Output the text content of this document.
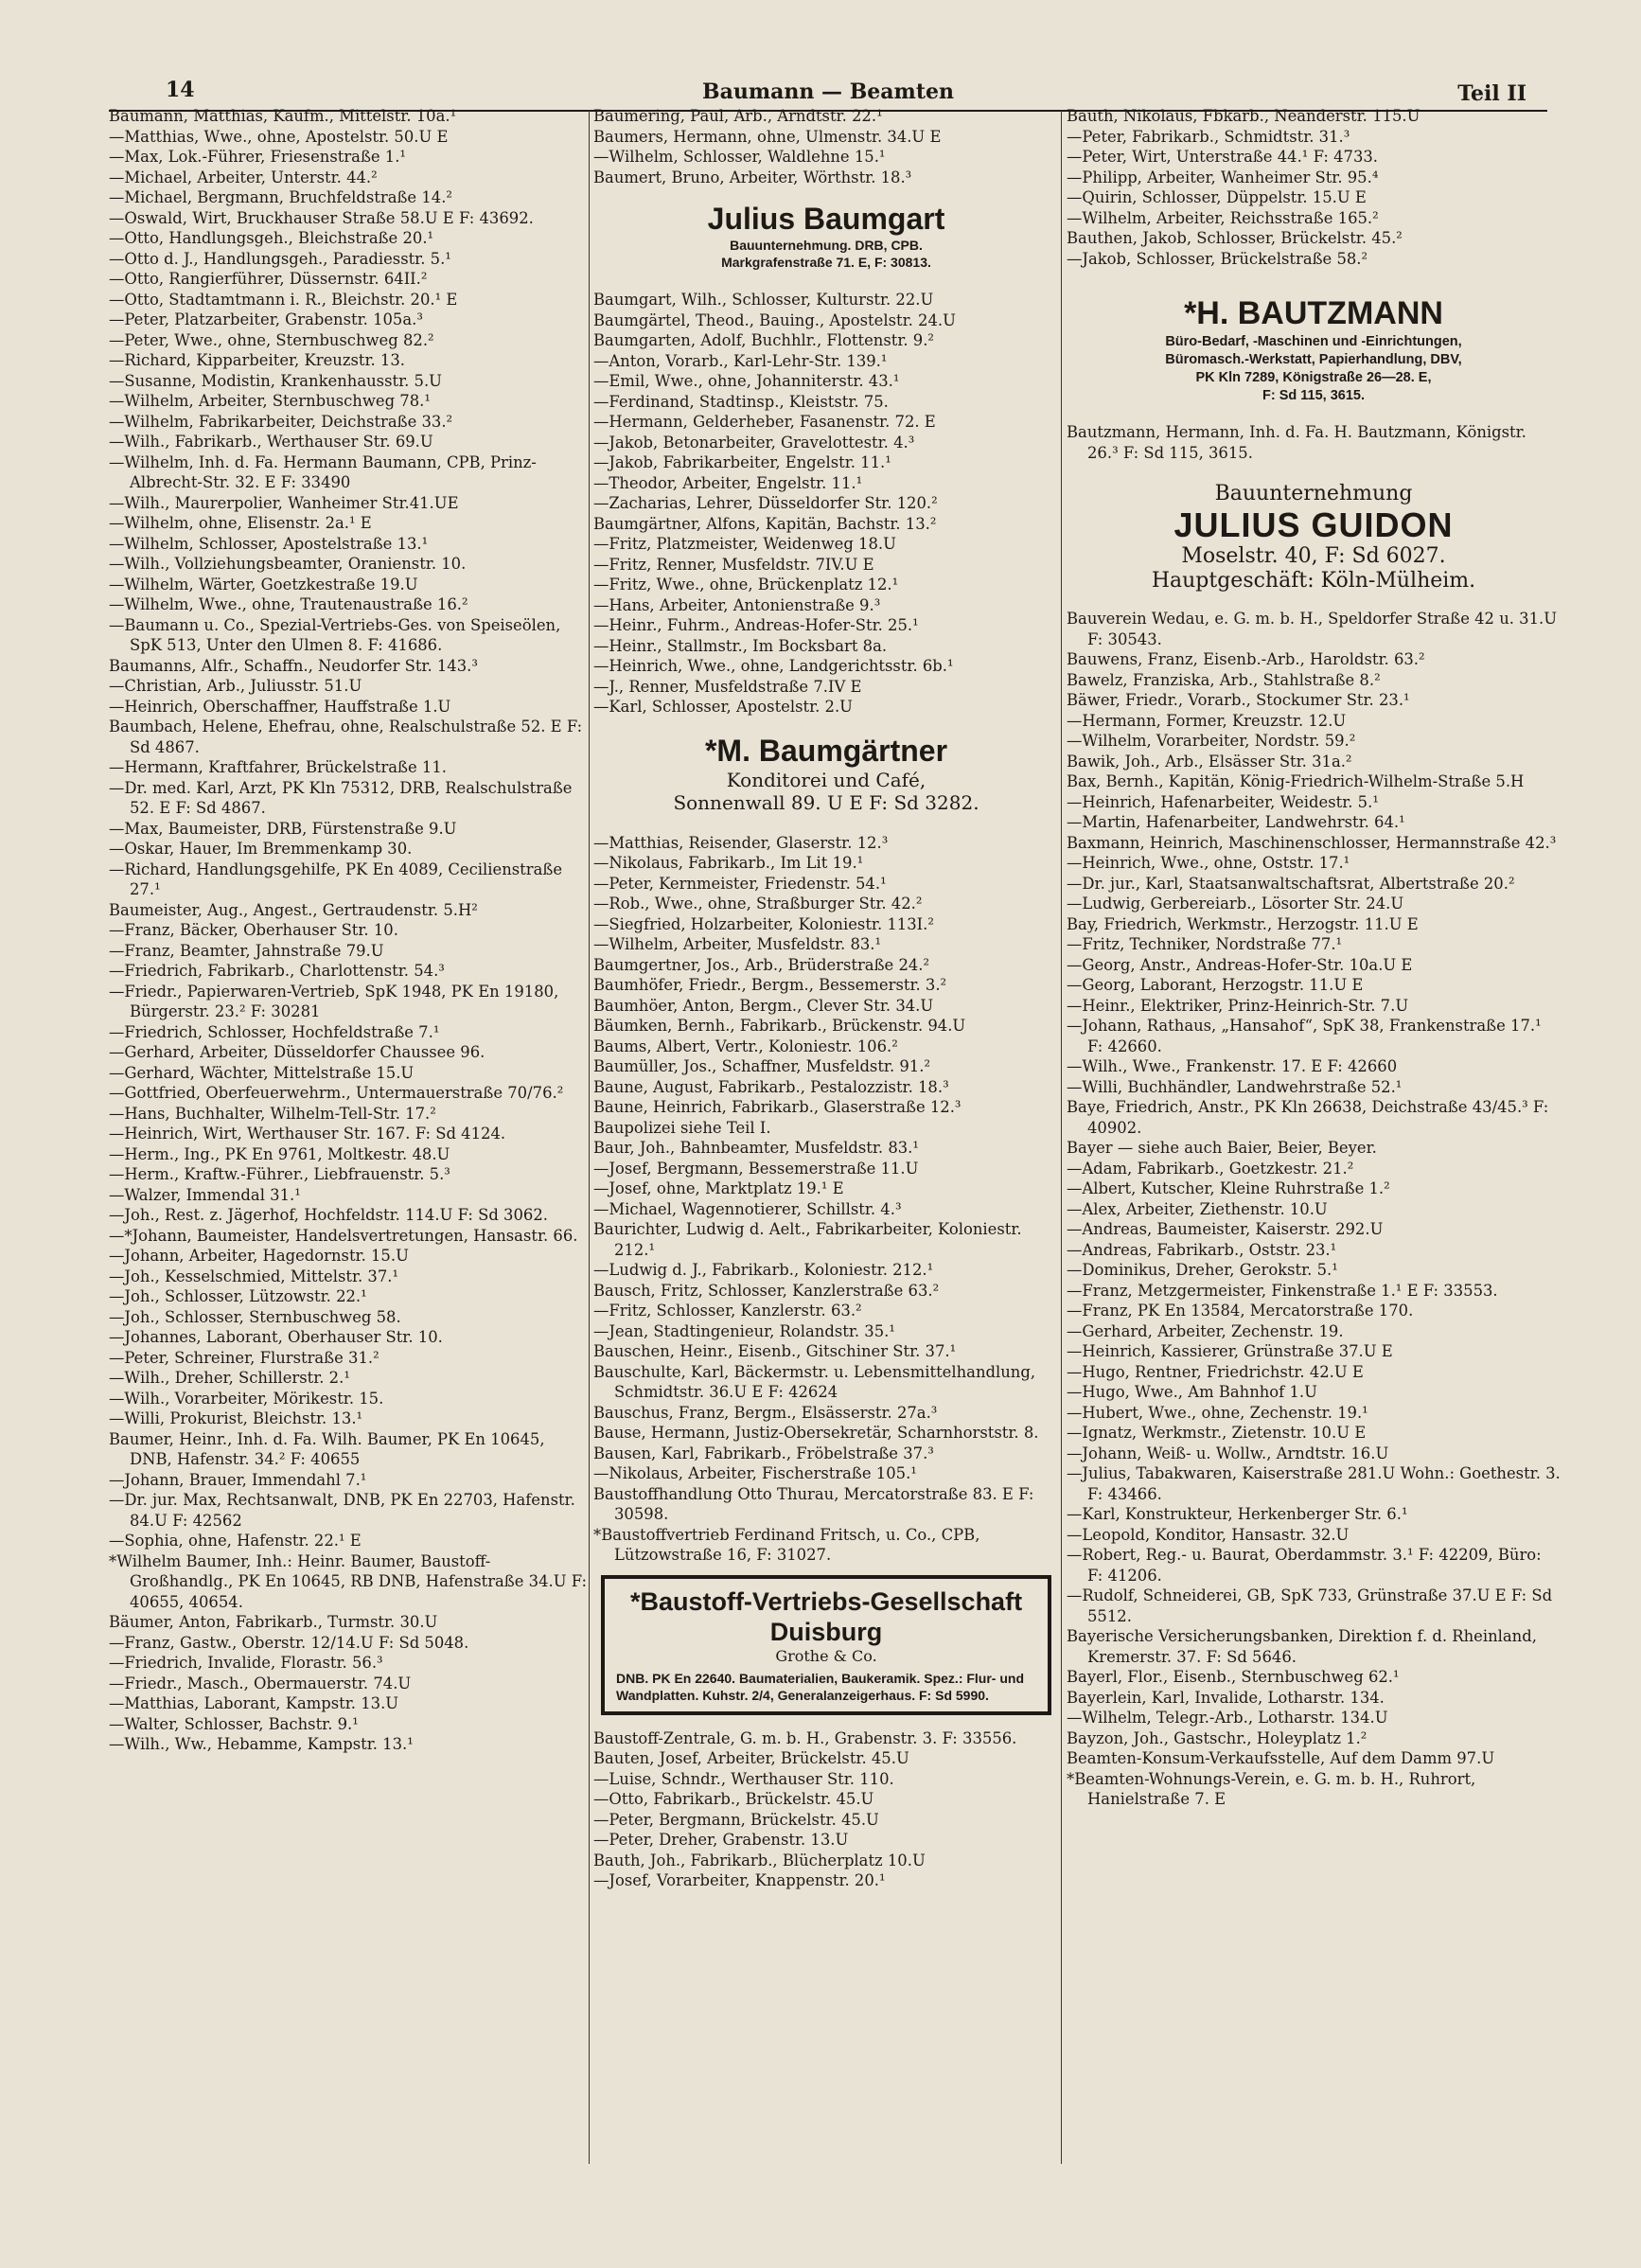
14	Baumann — Beamten	Teil II

Baumann, Matthias, Kaufm., Mittelstr. 10a.¹

—Matthias, Wwe., ohne, Apostelstr. 50.U E

—Max, Lok.-Führer, Friesenstraße 1.¹

—Michael, Arbeiter, Unterstr. 44.²

—Michael, Bergmann, Bruchfeldstraße 14.²

—Oswald, Wirt, Bruckhauser Straße 58.U E F: 43692.

—Otto, Handlungsgeh., Bleichstraße 20.¹

—Otto d. J., Handlungsgeh., Paradiesstr. 5.¹

—Otto, Rangierführer, Düssernstr. 64II.²

—Otto, Stadtamtmann i. R., Bleichstr. 20.¹ E

—Peter, Platzarbeiter, Grabenstr. 105a.³

—Peter, Wwe., ohne, Sternbuschweg 82.²

—Richard, Kipparbeiter, Kreuzstr. 13.

—Susanne, Modistin, Krankenhausstr. 5.U

—Wilhelm, Arbeiter, Sternbuschweg 78.¹

—Wilhelm, Fabrikarbeiter, Deichstraße 33.²

—Wilh., Fabrikarb., Werthauser Str. 69.U

—Wilhelm, Inh. d. Fa. Hermann Baumann, CPB, Prinz-Albrecht-Str. 32. E F: 33490

—Wilh., Maurerpolier, Wanheimer Str.41.UE

—Wilhelm, ohne, Elisenstr. 2a.¹ E

—Wilhelm, Schlosser, Apostelstraße 13.¹

—Wilh., Vollziehungsbeamter, Oranienstr. 10.

—Wilhelm, Wärter, Goetzkestraße 19.U

—Wilhelm, Wwe., ohne, Trautenaustraße 16.²

—Baumann u. Co., Spezial-Vertriebs-Ges. von Speiseölen, SpK 513, Unter den Ulmen 8. F: 41686.

Baumanns, Alfr., Schaffn., Neudorfer Str. 143.³

—Christian, Arb., Juliusstr. 51.U

—Heinrich, Oberschaffner, Hauffstraße 1.U

Baumbach, Helene, Ehefrau, ohne, Realschulstraße 52. E F: Sd 4867.

—Hermann, Kraftfahrer, Brückelstraße 11.

—Dr. med. Karl, Arzt, PK Kln 75312, DRB, Realschulstraße 52. E F: Sd 4867.

—Max, Baumeister, DRB, Fürstenstraße 9.U

—Oskar, Hauer, Im Bremmenkamp 30.

—Richard, Handlungsgehilfe, PK En 4089, Cecilienstraße 27.¹

Baumeister, Aug., Angest., Gertraudenstr. 5.H²

—Franz, Bäcker, Oberhauser Str. 10.

—Franz, Beamter, Jahnstraße 79.U

—Friedrich, Fabrikarb., Charlottenstr. 54.³

—Friedr., Papierwaren-Vertrieb, SpK 1948, PK En 19180, Bürgerstr. 23.² F: 30281

—Friedrich, Schlosser, Hochfeldstraße 7.¹

—Gerhard, Arbeiter, Düsseldorfer Chaussee 96.

—Gerhard, Wächter, Mittelstraße 15.U

—Gottfried, Oberfeuerwehrm., Untermauerstraße 70/76.²

—Hans, Buchhalter, Wilhelm-Tell-Str. 17.²

—Heinrich, Wirt, Werthauser Str. 167. F: Sd 4124.

—Herm., Ing., PK En 9761, Moltkestr. 48.U

—Herm., Kraftw.-Führer., Liebfrauenstr. 5.³

—Walzer, Immendal 31.¹

—Joh., Rest. z. Jägerhof, Hochfeldstr. 114.U F: Sd 3062.

—*Johann, Baumeister, Handelsvertretungen, Hansastr. 66.

—Johann, Arbeiter, Hagedornstr. 15.U

—Joh., Kesselschmied, Mittelstr. 37.¹

—Joh., Schlosser, Lützowstr. 22.¹

—Joh., Schlosser, Sternbuschweg 58.

—Johannes, Laborant, Oberhauser Str. 10.

—Peter, Schreiner, Flurstraße 31.²

—Wilh., Dreher, Schillerstr. 2.¹

—Wilh., Vorarbeiter, Mörikestr. 15.

—Willi, Prokurist, Bleichstr. 13.¹

Baumer, Heinr., Inh. d. Fa. Wilh. Baumer, PK En 10645, DNB, Hafenstr. 34.² F: 40655

—Johann, Brauer, Immendahl 7.¹

—Dr. jur. Max, Rechtsanwalt, DNB, PK En 22703, Hafenstr. 84.U F: 42562

—Sophia, ohne, Hafenstr. 22.¹ E

*Wilhelm Baumer, Inh.: Heinr. Baumer, Baustoff-Großhandlg., PK En 10645, RB DNB, Hafenstraße 34.U F: 40655, 40654.

Bäumer, Anton, Fabrikarb., Turmstr. 30.U

—Franz, Gastw., Oberstr. 12/14.U F: Sd 5048.

—Friedrich, Invalide, Florastr. 56.³

—Friedr., Masch., Obermauerstr. 74.U

—Matthias, Laborant, Kampstr. 13.U

—Walter, Schlosser, Bachstr. 9.¹

—Wilh., Ww., Hebamme, Kampstr. 13.¹

Baumering, Paul, Arb., Arndtstr. 22.¹

Baumers, Hermann, ohne, Ulmenstr. 34.U E

—Wilhelm, Schlosser, Waldlehne 15.¹

Baumert, Bruno, Arbeiter, Wörthstr. 18.³

Julius Baumgart
Bauunternehmung. DRB, CPB.
Markgrafenstraße 71. E, F: 30813.

Baumgart, Wilh., Schlosser, Kulturstr. 22.U

Baumgärtel, Theod., Bauing., Apostelstr. 24.U

Baumgarten, Adolf, Buchhlr., Flottenstr. 9.²

—Anton, Vorarb., Karl-Lehr-Str. 139.¹

—Emil, Wwe., ohne, Johanniterstr. 43.¹

—Ferdinand, Stadtinsp., Kleiststr. 75.

—Hermann, Gelderheber, Fasanenstr. 72. E

—Jakob, Betonarbeiter, Gravelottestr. 4.³

—Jakob, Fabrikarbeiter, Engelstr. 11.¹

—Theodor, Arbeiter, Engelstr. 11.¹

—Zacharias, Lehrer, Düsseldorfer Str. 120.²

Baumgärtner, Alfons, Kapitän, Bachstr. 13.²

—Fritz, Platzmeister, Weidenweg 18.U

—Fritz, Renner, Musfeldstr. 7IV.U E

—Fritz, Wwe., ohne, Brückenplatz 12.¹

—Hans, Arbeiter, Antonienstraße 9.³

—Heinr., Fuhrm., Andreas-Hofer-Str. 25.¹

—Heinr., Stallmstr., Im Bocksbart 8a.

—Heinrich, Wwe., ohne, Landgerichtsstr. 6b.¹

—J., Renner, Musfeldstraße 7.IV E

—Karl, Schlosser, Apostelstr. 2.U

*M. Baumgärtner
Konditorei und Café,
Sonnenwall 89. U E F: Sd 3282.

—Matthias, Reisender, Glaserstr. 12.³

—Nikolaus, Fabrikarb., Im Lit 19.¹

—Peter, Kernmeister, Friedenstr. 54.¹

—Rob., Wwe., ohne, Straßburger Str. 42.²

—Siegfried, Holzarbeiter, Koloniestr. 113I.²

—Wilhelm, Arbeiter, Musfeldstr. 83.¹

Baumgertner, Jos., Arb., Brüderstraße 24.²

Baumhöfer, Friedr., Bergm., Bessemerstr. 3.²

Baumhöer, Anton, Bergm., Clever Str. 34.U

Bäumken, Bernh., Fabrikarb., Brückenstr. 94.U

Baums, Albert, Vertr., Koloniestr. 106.²

Baumüller, Jos., Schaffner, Musfeldstr. 91.²

Baune, August, Fabrikarb., Pestalozzistr. 18.³

Baune, Heinrich, Fabrikarb., Glaserstraße 12.³

Baupolizei siehe Teil I.

Baur, Joh., Bahnbeamter, Musfeldstr. 83.¹

—Josef, Bergmann, Bessemerstraße 11.U

—Josef, ohne, Marktplatz 19.¹ E

—Michael, Wagennotierer, Schillstr. 4.³

Baurichter, Ludwig d. Aelt., Fabrikarbeiter, Koloniestr. 212.¹

—Ludwig d. J., Fabrikarb., Koloniestr. 212.¹

Bausch, Fritz, Schlosser, Kanzlerstraße 63.²

—Fritz, Schlosser, Kanzlerstr. 63.²

—Jean, Stadtingenieur, Rolandstr. 35.¹

Bauschen, Heinr., Eisenb., Gitschiner Str. 37.¹

Bauschulte, Karl, Bäckermstr. u. Lebensmittelhandlung, Schmidtstr. 36.U E F: 42624

Bauschus, Franz, Bergm., Elsässerstr. 27a.³

Bause, Hermann, Justiz-Obersekretär, Scharnhorststr. 8.

Bausen, Karl, Fabrikarb., Fröbelstraße 37.³

—Nikolaus, Arbeiter, Fischerstraße 105.¹

Baustoffhandlung Otto Thurau, Mercatorstraße 83. E F: 30598.

*Baustoffvertrieb Ferdinand Fritsch, u. Co., CPB, Lützowstraße 16, F: 31027.

*Baustoff-Vertriebs-Gesellschaft Duisburg
Grothe & Co.
DNB. PK En 22640. Baumaterialien, Baukeramik. Spez.: Flur- und Wandplatten. Kuhstr. 2/4, Generalanzeigerhaus. F: Sd 5990.

Baustoff-Zentrale, G. m. b. H., Grabenstr. 3. F: 33556.

Bauten, Josef, Arbeiter, Brückelstr. 45.U

—Luise, Schndr., Werthauser Str. 110.

—Otto, Fabrikarb., Brückelstr. 45.U

—Peter, Bergmann, Brückelstr. 45.U

—Peter, Dreher, Grabenstr. 13.U

Bauth, Joh., Fabrikarb., Blücherplatz 10.U

—Josef, Vorarbeiter, Knappenstr. 20.¹

Bauth, Nikolaus, Fbkarb., Neanderstr. 115.U

—Peter, Fabrikarb., Schmidtstr. 31.³

—Peter, Wirt, Unterstraße 44.¹ F: 4733.

—Philipp, Arbeiter, Wanheimer Str. 95.⁴

—Quirin, Schlosser, Düppelstr. 15.U E

—Wilhelm, Arbeiter, Reichsstraße 165.²

Bauthen, Jakob, Schlosser, Brückelstr. 45.²

—Jakob, Schlosser, Brückelstraße 58.²

*H. BAUTZMANN
Büro-Bedarf, -Maschinen und -Einrichtungen,
Büromasch.-Werkstatt, Papierhandlung, DBV,
PK Kln 7289, Königstraße 26—28. E,
F: Sd 115, 3615.

Bautzmann, Hermann, Inh. d. Fa. H. Bautzmann, Königstr. 26.³ F: Sd 115, 3615.

Bauunternehmung
JULIUS GUIDON
Moselstr. 40, F: Sd 6027.
Hauptgeschäft: Köln-Mülheim.

Bauverein Wedau, e. G. m. b. H., Speldorfer Straße 42 u. 31.U F: 30543.

Bauwens, Franz, Eisenb.-Arb., Haroldstr. 63.²

Bawelz, Franziska, Arb., Stahlstraße 8.²

Bäwer, Friedr., Vorarb., Stockumer Str. 23.¹

—Hermann, Former, Kreuzstr. 12.U

—Wilhelm, Vorarbeiter, Nordstr. 59.²

Bawik, Joh., Arb., Elsässer Str. 31a.²

Bax, Bernh., Kapitän, König-Friedrich-Wilhelm-Straße 5.H

—Heinrich, Hafenarbeiter, Weidestr. 5.¹

—Martin, Hafenarbeiter, Landwehrstr. 64.¹

Baxmann, Heinrich, Maschinenschlosser, Hermannstraße 42.³

—Heinrich, Wwe., ohne, Oststr. 17.¹

—Dr. jur., Karl, Staatsanwaltschaftsrat, Albertstraße 20.²

—Ludwig, Gerbereiarb., Lösorter Str. 24.U

Bay, Friedrich, Werkmstr., Herzogstr. 11.U E

—Fritz, Techniker, Nordstraße 77.¹

—Georg, Anstr., Andreas-Hofer-Str. 10a.U E

—Georg, Laborant, Herzogstr. 11.U E

—Heinr., Elektriker, Prinz-Heinrich-Str. 7.U

—Johann, Rathaus, „Hansahof“, SpK 38, Frankenstraße 17.¹ F: 42660.

—Wilh., Wwe., Frankenstr. 17. E F: 42660

—Willi, Buchhändler, Landwehrstraße 52.¹

Baye, Friedrich, Anstr., PK Kln 26638, Deichstraße 43/45.³ F: 40902.

Bayer — siehe auch Baier, Beier, Beyer.

—Adam, Fabrikarb., Goetzkestr. 21.²

—Albert, Kutscher, Kleine Ruhrstraße 1.²

—Alex, Arbeiter, Ziethenstr. 10.U

—Andreas, Baumeister, Kaiserstr. 292.U

—Andreas, Fabrikarb., Oststr. 23.¹

—Dominikus, Dreher, Gerokstr. 5.¹

—Franz, Metzgermeister, Finkenstraße 1.¹ E F: 33553.

—Franz, PK En 13584, Mercatorstraße 170.

—Gerhard, Arbeiter, Zechenstr. 19.

—Heinrich, Kassierer, Grünstraße 37.U E

—Hugo, Rentner, Friedrichstr. 42.U E

—Hugo, Wwe., Am Bahnhof 1.U

—Hubert, Wwe., ohne, Zechenstr. 19.¹

—Ignatz, Werkmstr., Zietenstr. 10.U E

—Johann, Weiß- u. Wollw., Arndtstr. 16.U

—Julius, Tabakwaren, Kaiserstraße 281.U Wohn.: Goethestr. 3. F: 43466.

—Karl, Konstrukteur, Herkenberger Str. 6.¹

—Leopold, Konditor, Hansastr. 32.U

—Robert, Reg.- u. Baurat, Oberdammstr. 3.¹ F: 42209, Büro: F: 41206.

—Rudolf, Schneiderei, GB, SpK 733, Grünstraße 37.U E F: Sd 5512.

Bayerische Versicherungsbanken, Direktion f. d. Rheinland, Kremerstr. 37. F: Sd 5646.

Bayerl, Flor., Eisenb., Sternbuschweg 62.¹

Bayerlein, Karl, Invalide, Lotharstr. 134.

—Wilhelm, Telegr.-Arb., Lotharstr. 134.U

Bayzon, Joh., Gastschr., Holeyplatz 1.²

Beamten-Konsum-Verkaufsstelle, Auf dem Damm 97.U

*Beamten-Wohnungs-Verein, e. G. m. b. H., Ruhrort, Hanielstraße 7. E
